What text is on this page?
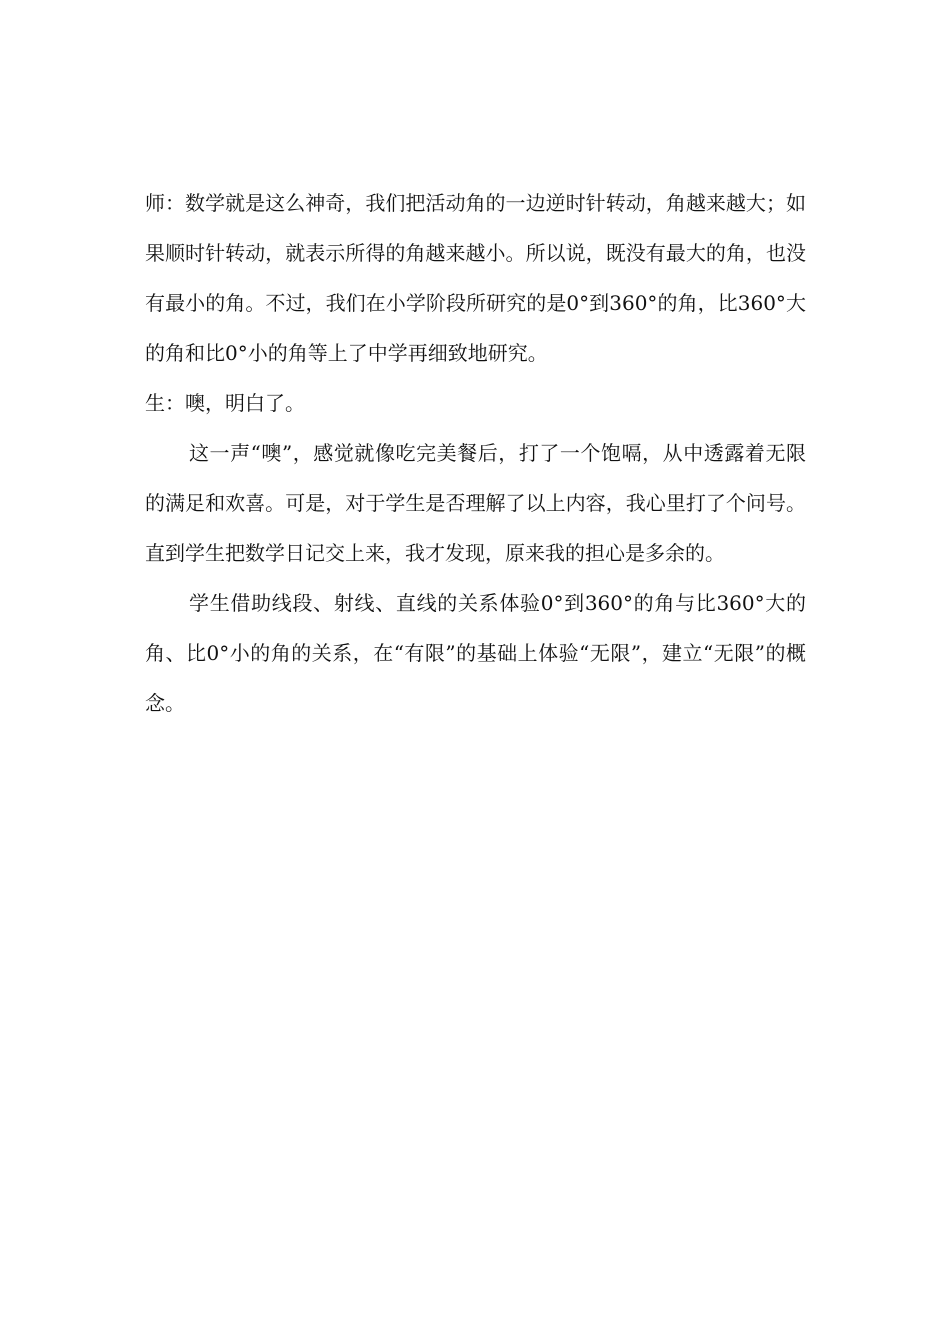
师：数学就是这么神奇，我们把活动角的一边逆时针转动，角越来越大；如果顺时针转动，就表示所得的角越来越小。所以说，既没有最大的角，也没有最小的角。不过，我们在小学阶段所研究的是0°到360°的角，比360°大的角和比0°小的角等上了中学再细致地研究。

生：噢，明白了。

这一声“噢”，感觉就像吃完美餐后，打了一个饱嗝，从中透露着无限的满足和欢喜。可是，对于学生是否理解了以上内容，我心里打了个问号。直到学生把数学日记交上来，我才发现，原来我的担心是多余的。

学生借助线段、射线、直线的关系体验0°到360°的角与比360°大的角、比0°小的角的关系，在“有限”的基础上体验“无限”，建立“无限”的概念。
